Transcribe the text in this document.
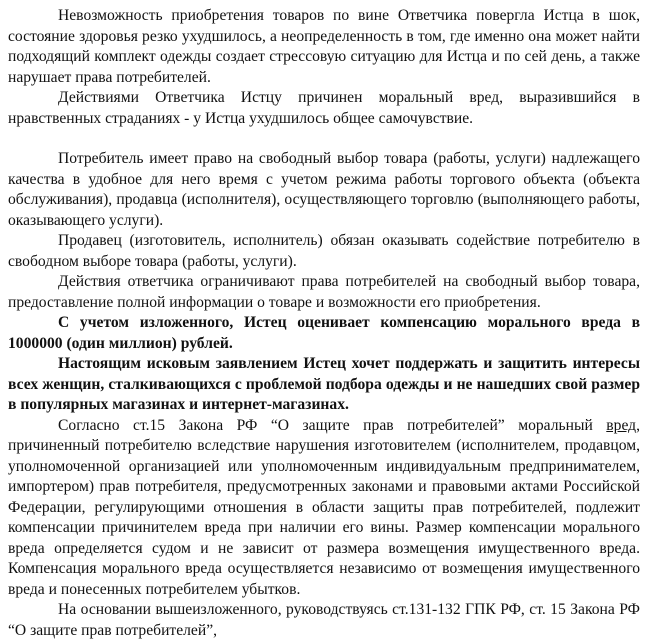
Невозможность приобретения товаров по вине Ответчика повергла Истца в шок, состояние здоровья резко ухудшилось, а неопределенность в том, где именно она может найти подходящий комплект одежды создает стрессовую ситуацию для Истца и по сей день, а также нарушает права потребителей.

Действиями Ответчика Истцу причинен моральный вред, выразившийся в нравственных страданиях - у Истца ухудшилось общее самочувствие.

Потребитель имеет право на свободный выбор товара (работы, услуги) надлежащего качества в удобное для него время с учетом режима работы торгового объекта (объекта обслуживания), продавца (исполнителя), осуществляющего торговлю (выполняющего работы, оказывающего услуги).

Продавец (изготовитель, исполнитель) обязан оказывать содействие потребителю в свободном выборе товара (работы, услуги).

Действия ответчика ограничивают права потребителей на свободный выбор товара, предоставление полной информации о товаре и возможности его приобретения.

С учетом изложенного, Истец оценивает компенсацию морального вреда в 1000000 (один миллион) рублей.

Настоящим исковым заявлением Истец хочет поддержать и защитить интересы всех женщин, сталкивающихся с проблемой подбора одежды и не нашедших свой размер в популярных магазинах и интернет-магазинах.

Согласно ст.15 Закона РФ “О защите прав потребителей” моральный вред, причиненный потребителю вследствие нарушения изготовителем (исполнителем, продавцом, уполномоченной организацией или уполномоченным индивидуальным предпринимателем, импортером) прав потребителя, предусмотренных законами и правовыми актами Российской Федерации, регулирующими отношения в области защиты прав потребителей, подлежит компенсации причинителем вреда при наличии его вины. Размер компенсации морального вреда определяется судом и не зависит от размера возмещения имущественного вреда. Компенсация морального вреда осуществляется независимо от возмещения имущественного вреда и понесенных потребителем убытков.

На основании вышеизложенного, руководствуясь ст.131-132 ГПК РФ, ст. 15 Закона РФ “О защите прав потребителей”,
